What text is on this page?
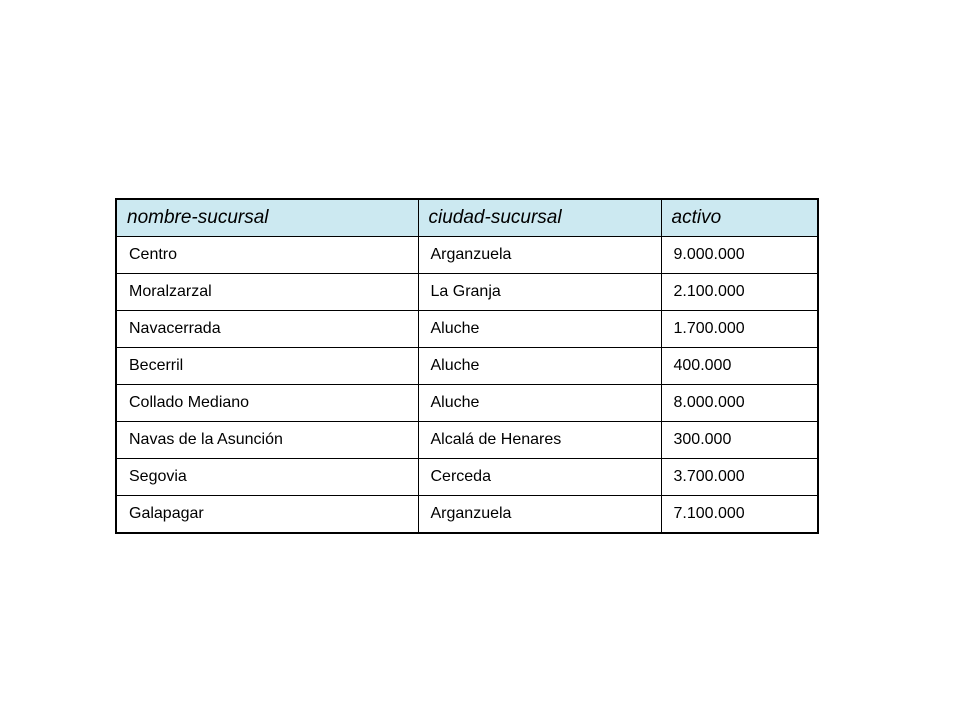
nombre-sucursal	ciudad-sucursal	activo
Centro	Arganzuela	9.000.000
Moralzarzal	La Granja	2.100.000
Navacerrada	Aluche	1.700.000
Becerril	Aluche	400.000
Collado Mediano	Aluche	8.000.000
Navas de la Asunción	Alcalá de Henares	300.000
Segovia	Cerceda	3.700.000
Galapagar	Arganzuela	7.100.000
